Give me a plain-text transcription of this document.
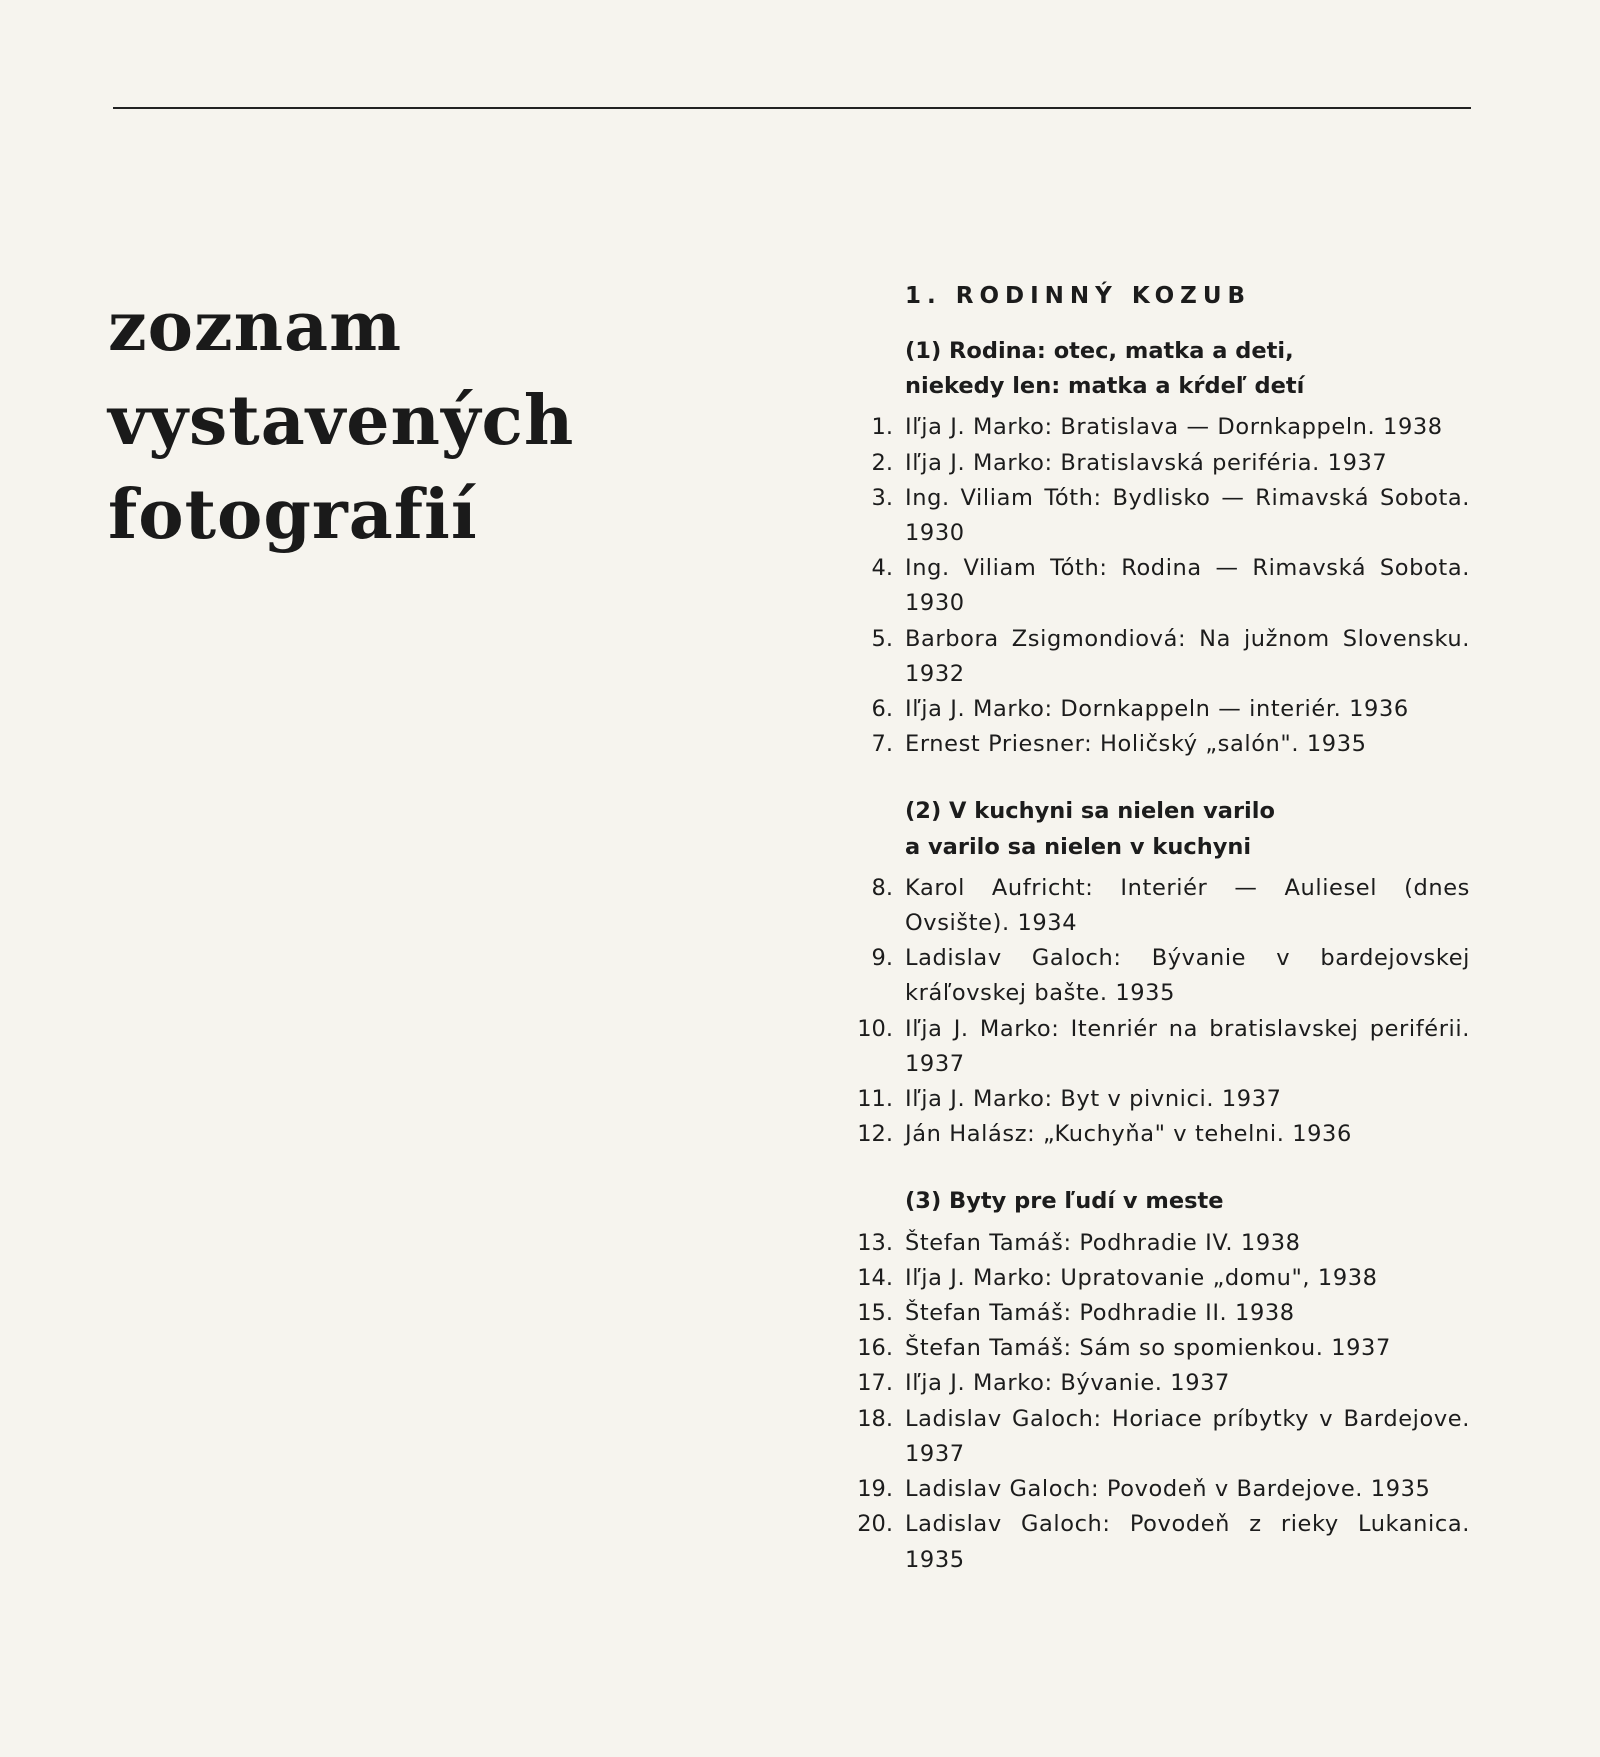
zoznam
vystavených
fotografií
1. RODINNÝ KOZUB
(1) Rodina: otec, matka a deti,
niekedy len: matka a kŕdeľ detí
1. Iľja J. Marko: Bratislava — Dornkappeln. 1938
2. Iľja J. Marko: Bratislavská periféria. 1937
3. Ing. Viliam Tóth: Bydlisko — Rimavská Sobota. 1930
4. Ing. Viliam Tóth: Rodina — Rimavská Sobota. 1930
5. Barbora Zsigmondiová: Na južnom Slovensku. 1932
6. Iľja J. Marko: Dornkappeln — interiér. 1936
7. Ernest Priesner: Holičský „salón". 1935
(2) V kuchyni sa nielen varilo
a varilo sa nielen v kuchyni
8. Karol Aufricht: Interiér — Auliesel (dnes Ovsište). 1934
9. Ladislav Galoch: Bývanie v bardejovskej kráľovskej bašte. 1935
10. Iľja J. Marko: Itenriér na bratislavskej periférii. 1937
11. Iľja J. Marko: Byt v pivnici. 1937
12. Ján Halász: „Kuchyňa" v tehelni. 1936
(3) Byty pre ľudí v meste
13. Štefan Tamáš: Podhradie IV. 1938
14. Iľja J. Marko: Upratovanie „domu", 1938
15. Štefan Tamáš: Podhradie II. 1938
16. Štefan Tamáš: Sám so spomienkou. 1937
17. Iľja J. Marko: Bývanie. 1937
18. Ladislav Galoch: Horiace príbytky v Bardejove. 1937
19. Ladislav Galoch: Povodeň v Bardejove. 1935
20. Ladislav Galoch: Povodeň z rieky Lukanica. 1935
